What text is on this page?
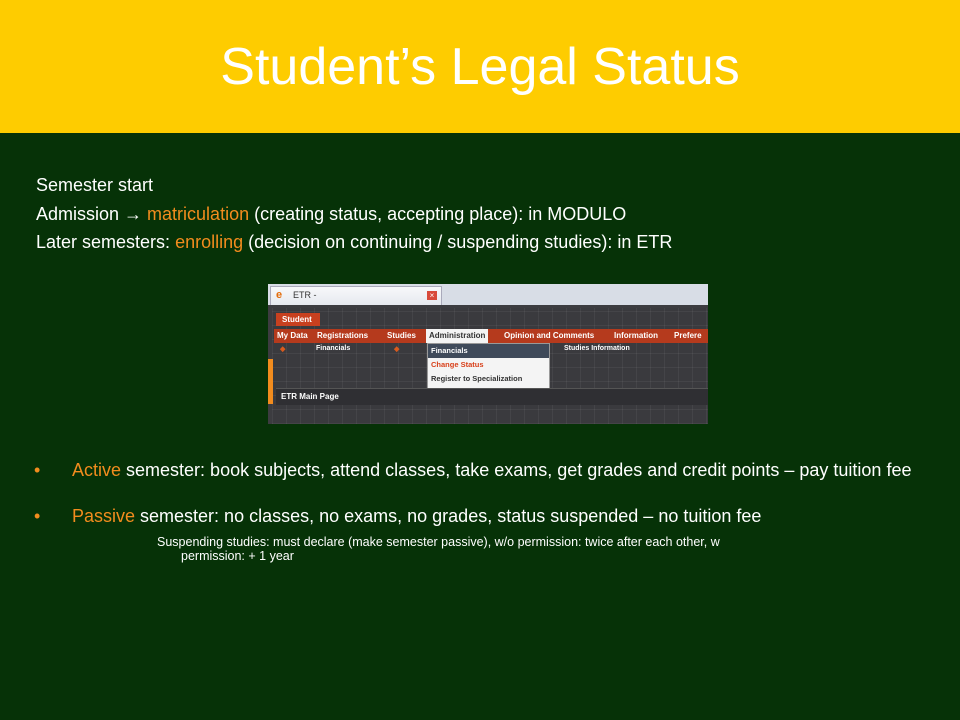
Student’s Legal Status
Semester start
Admission → matriculation (creating status, accepting place): in MODULO
Later semesters: enrolling (decision on continuing / suspending studies): in ETR
e	ETR -	×
Student
My Data Registrations Studies	Administration	Opinion and Comments Information Prefere
◆	Financials	◆	Studies Information
Financials
Change Status
Register to Specialization
ETR Main Page
• Active semester: book subjects, attend classes, take exams, get grades and credit points – pay tuition fee
• Passive semester: no classes, no exams, no grades, status suspended – no tuition fee
Suspending studies: must declare (make semester passive), w/o permission: twice after each other, w
permission: + 1 year
